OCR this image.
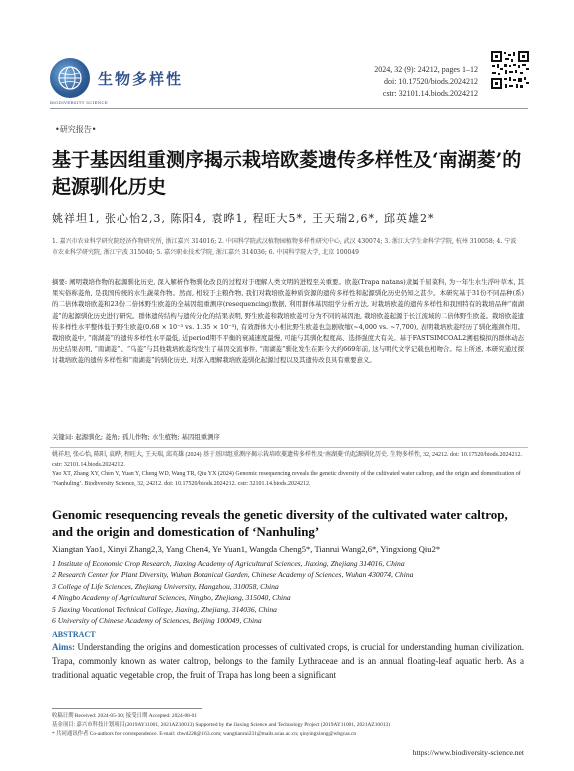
生物多样性
BIODIVERSITY SCIENCE
2024, 32 (9): 24212, pages 1–12
doi: 10.17520/biods.2024212
cstr: 32101.14.biods.2024212
•研究报告•
基于基因组重测序揭示栽培欧菱遗传多样性及‘南湖菱’的起源驯化历史
姚祥坦1, 张心怡2,3, 陈阳4, 袁晔1, 程旺大5*, 王天瑞2,6*, 邱英雄2*
1. 嘉兴市农业科学研究院经济作物研究所, 浙江嘉兴 314016; 2. 中国科学院武汉植物园植物多样性研究中心, 武汉 430074; 3. 浙江大学生命科学学院, 杭州 310058; 4. 宁波市农业科学研究院, 浙江宁波 315040; 5. 嘉兴职业技术学院, 浙江嘉兴 314036; 6. 中国科学院大学, 北京 100049
摘要: 阐明栽培作物的起源驯化历史, 深入解析作物驯化改良的过程对于理解人类文明的进程至关重要。欧菱(Trapa natans)隶属千屈菜科, 为一年生水生浮叶草本, 其果实俗称菱角, 是我国传统的水生蔬菜作物。然而, 相较于主粮作物, 我们对栽培欧菱种质资源的遗传多样性和起源驯化历史仍知之甚少。本研究基于31份不同品种(系)的二倍体栽培欧菱和23份二倍体野生欧菱的全基因组重测序(resequencing)数据, 利用群体基因组学分析方法, 对栽培欧菱的遗传多样性和我国特有的栽培品种“南湖菱”的起源驯化历史进行研究。群体遗传结构与遗传分化的结果表明, 野生欧菱和栽培欧菱可分为不同的基因池, 栽培欧菱起源于长江流域的二倍体野生欧菱。栽培欧菱遗传多样性水平整体低于野生欧菱(0.68 × 10⁻³ vs. 1.35 × 10⁻³), 有效群体大小相比野生欧菱也急剧收缩(~4,000 vs. ~7,700), 表明栽培欧菱经历了驯化瓶颈作用。栽培欧菱中, “南湖菱”的遗传多样性水平最低, 近period期不平衡的衰减速度最慢, 可能与其驯化程度高、选择强度大有关。基于FASTSIMCOAL2溯祖模拟的群体动态历史结果表明, “南湖菱”、“乌菱”与其他栽培欧菱均发生了基因交流事件, “南湖菱”驯化发生在距今大约669年前, 这与明代文学记载也相吻合。综上所述, 本研究通过探讨栽培欧菱的遗传多样性和“南湖菱”的驯化历史, 对深入理解栽培欧菱驯化起源过程以及其遗传改良具有重要意义。
关键词: 起源驯化; 菱角; 孤儿作物; 水生植物; 基因组重测序
姚祥坦, 张心怡, 陈阳, 袁晔, 程旺大, 王天瑞, 邱英雄 (2024) 基于基因组重测序揭示栽培欧菱遗传多样性及‘南湖菱’的起源驯化历史. 生物多样性, 32, 24212. doi: 10.17520/biods.2024212. cstr: 32101.14.biods.2024212.
Yao XT, Zhang XY, Chen Y, Yuan Y, Cheng WD, Wang TR, Qiu YX (2024) Genomic resequencing reveals the genetic diversity of the cultivated water caltrop, and the origin and domestication of ‘Nanhuling’. Biodiversity Science, 32, 24212. doi: 10.17520/biods.2024212. cstr: 32101.14.biods.2024212.
Genomic resequencing reveals the genetic diversity of the cultivated water caltrop, and the origin and domestication of ‘Nanhuling’
Xiangtan Yao1, Xinyi Zhang2,3, Yang Chen4, Ye Yuan1, Wangda Cheng5*, Tianrui Wang2,6*, Yingxiong Qiu2*
1 Institute of Economic Crop Research, Jiaxing Academy of Agricultural Sciences, Jiaxing, Zhejiang 314016, China
2 Research Center for Plant Diversity, Wuhan Botanical Garden, Chinese Academy of Sciences, Wuhan 430074, China
3 College of Life Sciences, Zhejiang University, Hangzhou, 310058, China
4 Ningbo Academy of Agricultural Sciences, Ningbo, Zhejiang, 315040, China
5 Jiaxing Vocational Technical College, Jiaxing, Zhejiang, 314036, China
6 University of Chinese Academy of Sciences, Beijing 100049, China
ABSTRACT
Aims: Understanding the origins and domestication processes of cultivated crops, is crucial for understanding human civilization. Trapa, commonly known as water caltrop, belongs to the family Lythraceae and is an annual floating-leaf aquatic herb. As a traditional aquatic vegetable crop, the fruit of Trapa has long been a significant
收稿日期 Received: 2024-05-30; 接受日期 Accepted: 2024-08-01
基金项目: 嘉兴市科技计划项目(2019AY11001, 2021AZ10013) Supported by the Jiaxing Science and Technology Project (2019AY11001, 2021AZ10013)
* 共同通讯作者 Co-authors for correspondence. E-mail: cbwd228@163.com; wangtianrui231@mails.ucas.ac.cn; qiuyingxiong@wbgcas.cn
https://www.biodiversity-science.net
